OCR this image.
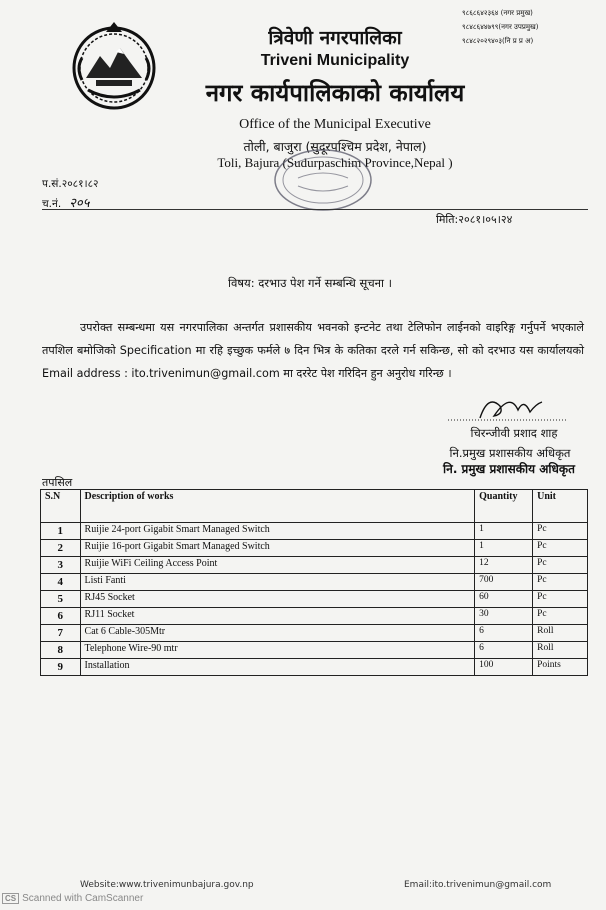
९८६८६४२३६४ (नगर प्रमुख)
९८४८६४४७९९(नगर उपप्रमुख)
९८४८२०२९४०३(नि प्र प्र अ)
त्रिवेणी नगरपालिका
Triveni Municipality
नगर कार्यपालिकाको कार्यालय
Office of the Municipal Executive
तोली, बाजुरा (सुदूरपश्चिम प्रदेश, नेपाल)
Toli, Bajura (Sudurpaschim Province,Nepal )
प.सं.२०८१।८२
च.नं. २०५
मिति:२०८१।०५।२४
विषय: दरभाउ पेश गर्ने सम्बन्धि सूचना ।
उपरोक्त सम्बन्धमा यस नगरपालिका अन्तर्गत प्रशासकीय भवनको इन्टनेट तथा टेलिफोन लाईनको वाइरिङ्ग गर्नुपर्ने भएकाले तपशिल बमोजिको Specification मा रहि इच्छुक फर्मले ७ दिन भित्र के कतिका दरले गर्न सकिन्छ, सो को दरभाउ यस कार्यालयको Email address : ito.trivenimun@gmail.com मा दररेट पेश गरिदिन हुन अनुरोध गरिन्छ ।
चिरन्जीवी प्रशाद शाह
नि.प्रमुख प्रशासकीय अधिकृत
नि. प्रमुख प्रशासकीय अधिकृत
तपसिल
S.N	Description of works	Quantity	Unit
1	Ruijie 24-port Gigabit Smart Managed Switch	1	Pc
2	Ruijie 16-port Gigabit Smart Managed Switch	1	Pc
3	Ruijie WiFi Ceiling Access Point	12	Pc
4	Listi Fanti	700	Pc
5	RJ45 Socket	60	Pc
6	RJ11 Socket	30	Pc
7	Cat 6 Cable-305Mtr	6	Roll
8	Telephone Wire-90 mtr	6	Roll
9	Installation	100	Points
Website:www.trivenimunbajura.gov.np	Email:ito.trivenimun@gmail.com
CS Scanned with CamScanner
